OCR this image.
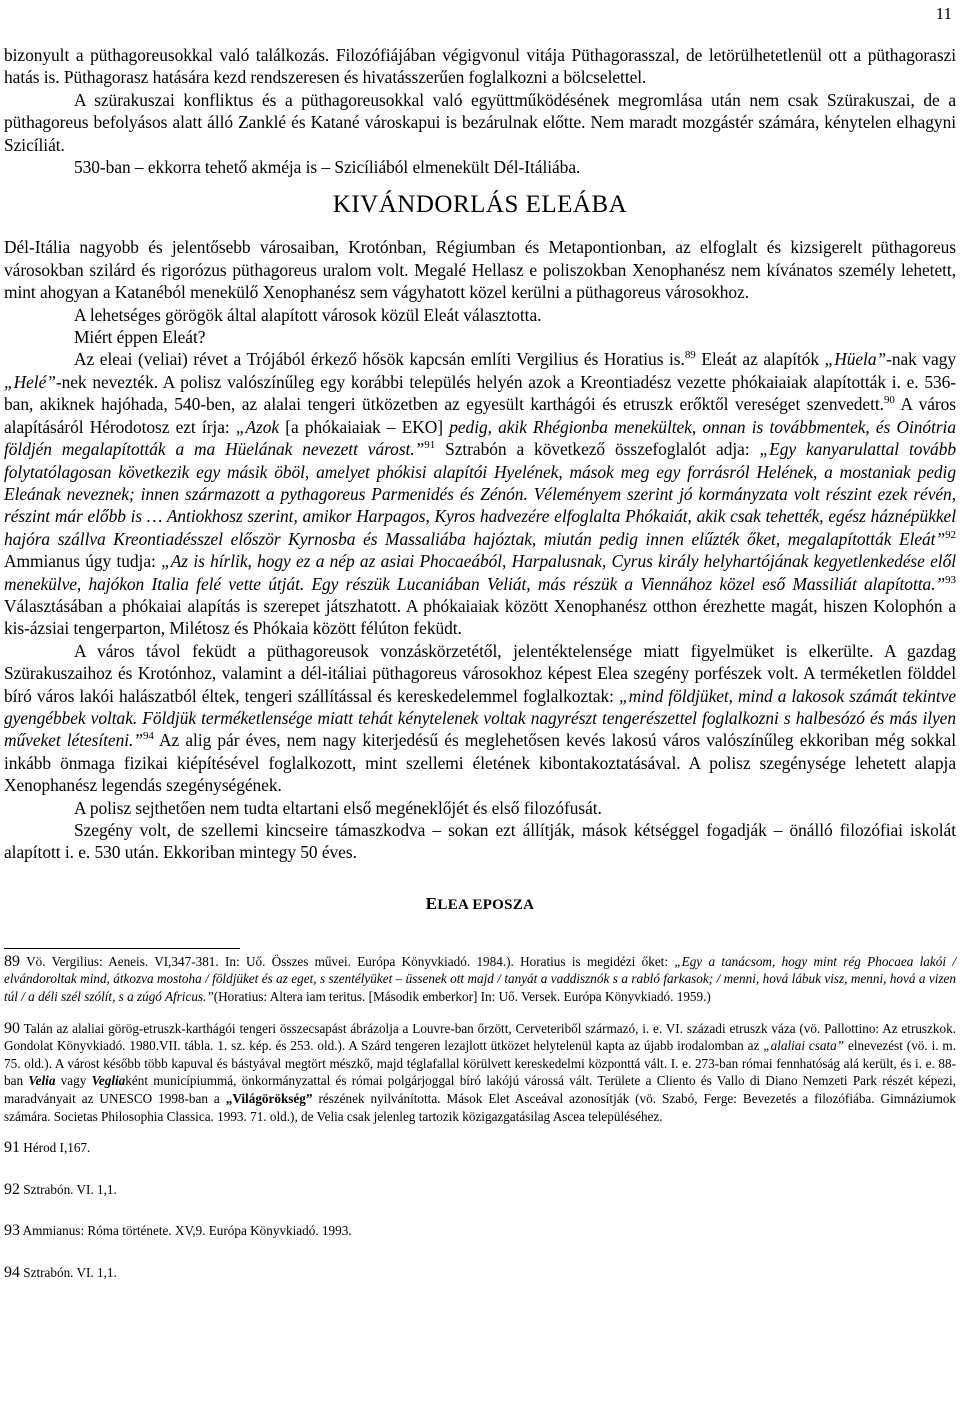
11

bizonyult a püthagoreusokkal való találkozás. Filozófiájában végigvonul vitája Püthagorasszal, de letörülhetetlenül ott a püthagoraszi hatás is. Püthagorasz hatására kezd rendszeresen és hivatásszerűen foglalkozni a bölcselettel.

A szürakuszai konfliktus és a püthagoreusokkal való együttműködésének megromlása után nem csak Szürakuszai, de a püthagoreus befolyásos alatt álló Zanklé és Katané városkapui is bezárulnak előtte. Nem maradt mozgástér számára, kénytelen elhagyni Szicíliát.

530-ban – ekkorra tehető akméja is – Szicíliából elmenekült Dél-Itáliába.

KIVÁNDORLÁS ELEÁBA

Dél-Itália nagyobb és jelentősebb városaiban, Krotónban, Régiumban és Metapontionban, az elfoglalt és kizsigerelt püthagoreus városokban szilárd és rigorózus püthagoreus uralom volt. Megalé Hellasz e poliszokban Xenophanész nem kívánatos személy lehetett, mint ahogyan a Katanéból menekülő Xenophanész sem vágyhatott közel kerülni a püthagoreus városokhoz.

A lehetséges görögök által alapított városok közül Eleát választotta.

Miért éppen Eleát?

Az eleai (veliai) révet a Trójából érkező hősök kapcsán említi Vergilius és Horatius is.$^{89}$ Eleát az alapítók „Hüela”-nak vagy „Helé”-nek nevezték. A polisz valószínűleg egy korábbi település helyén azok a Kreontiadész vezette phókaiaiak alapították i. e. 536-ban, akiknek hajóhada, 540-ben, az alalai tengeri ütközetben az egyesült karthágói és etruszk erőktől vereséget szenvedett.$^{90}$ A város alapításáról Hérodotosz ezt írja: „Azok [a phókaiaiak – EKO] pedig, akik Rhégionba menekültek, onnan is továbbmentek, és Oinótria földjén megalapították a ma Hüelának nevezett várost.”$^{91}$ Sztrabón a következő összefoglalót adja: „Egy kanyarulattal tovább folytatólagosan következik egy másik öböl, amelyet phókisi alapítói Hyelének, mások meg egy forrásról Helének, a mostaniak pedig Eleának neveznek; innen származott a pythagoreus Parmenidés és Zénón. Véleményem szerint jó kormányzata volt részint ezek révén, részint már előbb is … Antiokhosz szerint, amikor Harpagos, Kyros hadvezére elfoglalta Phókaiát, akik csak tehették, egész háznépükkel hajóra szállva Kreontiadésszel először Kyrnosba és Massaliába hajóztak, miután pedig innen elűzték őket, megalapították Eleát”$^{92}$ Ammianus úgy tudja: „Az is hírlik, hogy ez a nép az asiai Phocaeából, Harpalusnak, Cyrus király helyhartójának kegyetlenkedése elől menekülve, hajókon Italia felé vette útját. Egy részük Lucaniában Veliát, más részük a Viennához közel eső Massiliát alapította.”$^{93}$ Választásában a phókaiai alapítás is szerepet játszhatott. A phókaiaiak között Xenophanész otthon érezhette magát, hiszen Kolophón a kis-ázsiai tengerparton, Milétosz és Phókaia között félúton feküdt.

A város távol feküdt a püthagoreusok vonzáskörzetétől, jelentéktelensége miatt figyelmüket is elkerülte. A gazdag Szürakuszaihoz és Krotónhoz, valamint a dél-itáliai püthagoreus városokhoz képest Elea szegény porfészek volt. A terméketlen földdel bíró város lakói halászatból éltek, tengeri szállítással és kereskedelemmel foglalkoztak: „mind földjüket, mind a lakosok számát tekintve gyengébbek voltak. Földjük terméketlensége miatt tehát kénytelenek voltak nagyrészt tengerészettel foglalkozni s halbesózó és más ilyen műveket létesíteni.”$^{94}$ Az alig pár éves, nem nagy kiterjedésű és meglehetősen kevés lakosú város valószínűleg ekkoriban még sokkal inkább önmaga fizikai kiépítésével foglalkozott, mint szellemi életének kibontakoztatásával. A polisz szegénysége lehetett alapja Xenophanész legendás szegénységének.

A polisz sejthetően nem tudta eltartani első megéneklőjét és első filozófusát.

Szegény volt, de szellemi kincseire támaszkodva – sokan ezt állítják, mások kétséggel fogadják – önálló filozófiai iskolát alapított i. e. 530 után. Ekkoriban mintegy 50 éves.

ELEA EPOSZA

89 Vö. Vergilius: Aeneis. VI,347-381. In: Uő. Összes művei. Európa Könyvkiadó. 1984.). Horatius is megidézi őket: „Egy a tanácsom, hogy mint rég Phocaea lakói / elvándoroltak mind, átkozva mostoha / földjüket és az eget, s szentélyüket – üssenek ott majd / tanyát a vaddisznók s a rabló farkasok; / menni, hová lábuk visz, menni, hová a vizen túl / a déli szél szólít, s a zúgó Africus.”(Horatius: Altera iam teritus. [Második emberkor] In: Uő. Versek. Európa Könyvkiadó. 1959.)

90 Talán az alaliai görög-etruszk-karthágói tengeri összecsapást ábrázolja a Louvre-ban őrzött, Cerveteriből származó, i. e. VI. századi etruszk váza (vö. Pallottino: Az etruszkok. Gondolat Könyvkiadó. 1980.VII. tábla. 1. sz. kép. és 253. old.). A Szárd tengeren lezajlott ütközet helytelenül kapta az újabb irodalomban az „alaliai csata” elnevezést (vö. i. m. 75. old.). A várost később több kapuval és bástyával megtört mészkő, majd téglafallal körülvett kereskedelmi központtá vált. I. e. 273-ban római fennhatóság alá került, és i. e. 88-ban Velia vagy Vegliaként municípiummá, önkormányzattal és római polgárjoggal bíró lakójú várossá vált. Területe a Cliento és Vallo di Diano Nemzeti Park részét képezi, maradványait az UNESCO 1998-ban a „Világörökség” részének nyilvánította. Mások Elet Asceával azonosítják (vö. Szabó, Ferge: Bevezetés a filozófiába. Gimnáziumok számára. Societas Philosophia Classica. 1993. 71. old.), de Velia csak jelenleg tartozik közigazgatásilag Ascea településéhez.

91 Hérod I,167.

92 Sztrabón. VI. 1,1.

93 Ammianus: Róma története. XV,9. Európa Könyvkiadó. 1993.

94 Sztrabón. VI. 1,1.
